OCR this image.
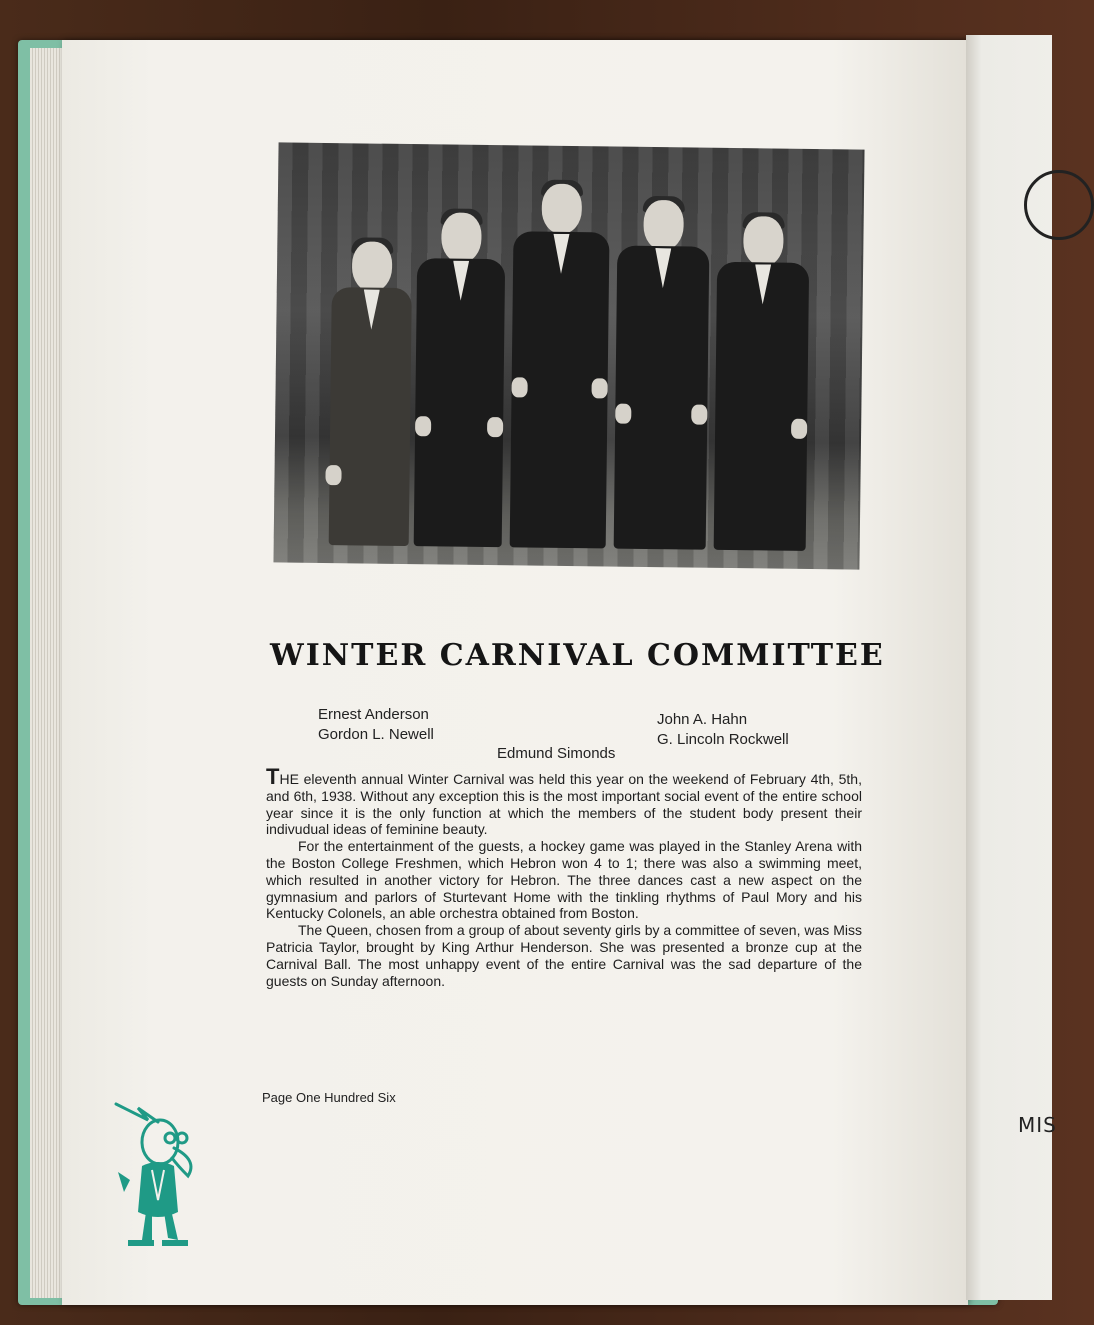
MIS
WINTER CARNIVAL COMMITTEE
Ernest Anderson
Gordon L. Newell
Edmund Simonds
John A. Hahn
G. Lincoln Rockwell

THE eleventh annual Winter Carnival was held this year on the weekend of February 4th, 5th, and 6th, 1938. Without any exception this is the most important social event of the entire school year since it is the only function at which the members of the student body present their indivudual ideas of feminine beauty.

For the entertainment of the guests, a hockey game was played in the Stanley Arena with the Boston College Freshmen, which Hebron won 4 to 1; there was also a swimming meet, which resulted in another victory for Hebron. The three dances cast a new aspect on the gymnasium and parlors of Sturtevant Home with the tinkling rhythms of Paul Mory and his Kentucky Colonels, an able orchestra obtained from Boston.

The Queen, chosen from a group of about seventy girls by a committee of seven, was Miss Patricia Taylor, brought by King Arthur Henderson. She was presented a bronze cup at the Carnival Ball. The most unhappy event of the entire Carnival was the sad departure of the guests on Sunday afternoon.

Page One Hundred Six
